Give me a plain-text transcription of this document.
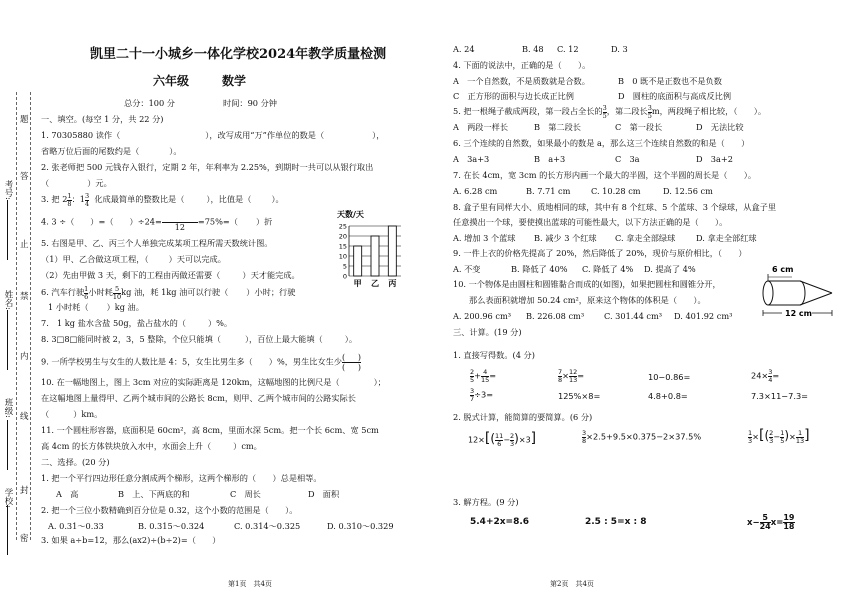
考号:
姓名:
班级:
学校:
题
答
止
禁
内
线
封
密
凯里二十一小城乡一体化学校2024年教学质量检测
六年级	数学
总分：100 分	时间：90 分钟
一、填空。(每空 1 分，共 22 分)
1. 70305880 读作（	），改写成用“万”作单位的数是（	），
省略万位后面的尾数约是（	）。
2. 张老师把 500 元钱存入银行，定期 2 年，年利率为 2.25%，到期时一共可以从银行取出
（	）元。
3. 把 $2 \frac{1}{8}$ ：$1 \frac{3}{4}$ 化成最简单的整数比是（	），比值是（ ）。
4. 3 ÷（ ）=（ ）÷24=

12
=75%=（ ）折
5. 右图是甲、乙、丙三个人单独完成某项工程所需天数统计图。
（1）甲、乙合做这项工程，（ ）天可以完成。
（2）先由甲做 3 天，剩下的工程由丙做还需要（	）天才能完成。
6. 汽车行驶 $\frac{1}{6}$ 小时耗 $\frac{5}{10}$ kg 油，耗 1kg 油可以行驶（ ）小时；行驶
1 小时耗（ ）kg 油。
天数/天
25
20
15
10
5
0
甲 乙 丙
7.　1 kg 盐水含盐 50g，盐占盐水的（	）%。
8. 3□8□能同时被 2，3，5 整除，个位只能填（	），百位上最大能填（	）。
9. 一所学校男生与女生的人数比是 4：5，女生比男生多（ ）%，男生比女生少 $\frac{( )}{( )}$
10. 在一幅地图上，图上 3cm 对应的实际距离是 120km，这幅地图的比例尺是（	）；
在这幅地图上量得甲、乙两个城市间的公路长 8cm，则甲、乙两个城市间的公路实际长
（	）km。
11. 一个圆柱形容器，底面积是 60cm²，高 8cm，里面水深 5cm。把一个长 6cm、宽 5cm
高 4cm 的长方体铁块放入水中，水面会上升（	）cm。
二、选择。(20 分)
1. 把一个平行四边形任意分割成两个梯形，这两个梯形的（　　）总是相等。
A　高	B　上、下两底的和	C　周长	D　面积
2. 把一个三位小数精确到百分位是 0.32，这个小数的范围是（　　）。
A. 0.31～0.33	B. 0.315～0.324	C. 0.314～0.325	D. 0.310～0.329
3. 如果 a÷b=12，那么(ax2)÷(b÷2)=（　　）
第1页　共4页
A. 24	B. 48 C. 12	D. 3
4. 下面的说法中，正确的是（　　）。
A　一个自然数，不是质数就是合数。	B　0 既不是正数也不是负数
C　正方形的面积与边长成正比例	D　圆柱的底面积与高成反比例
5. 把一根绳子截成两段，第一段占全长的 $\frac{3}{5}$ ，第二段长 $\frac{3}{5}$ m，两段绳子相比较，（　　）。
A　两段一样长	B　第二段长	C　第一段长	D　无法比较
6. 三个连续的自然数，如果最小的数是 a，那么这三个连续自然数的和是（　　）
A　3a+3	B　a+3	C　3a	D　3a+2
7. 在长 4cm，宽 3cm 的长方形内画一个最大的半圆，这个半圆的周长是（　　）。
A. 6.28 cm	B. 7.71 cm	C. 10.28 cm	D. 12.56 cm
8. 盒子里有同样大小、质地相同的球，其中有 8 个红球、5 个蓝球、3 个绿球，从盒子里
任意摸出一个球，要使摸出蓝球的可能性最大，以下方法正确的是（　　）。
A. 增加 3 个蓝球 B. 减少 3 个红球 C. 拿走全部绿球	D. 拿走全部红球
9. 一件上衣的价格先提高了 20%，然后降低了 20%，现价与原价相比，（　　）
A. 不变	B. 降低了 40% C. 降低了 4% D. 提高了 4%
10. 一个物体是由圆柱和圆锥黏合而成的(如图)，如果把圆柱和圆锥分开，
那么表面积就增加 50.24 cm²，原来这个物体的体积是（　　）。
A. 200.96 cm³ B. 226.08 cm³ C. 301.44 cm³ D. 401.92 cm³
6 cm
12 cm
三、计算。(19 分)
1. 直接写得数。(4 分)
$\frac{2}{5} + \frac{4}{15}$ =	$\frac{7}{8} \times \frac{12}{13}$ =	10−0.86=	$24\times \frac{3}{4}$ =
$\frac{3}{7} \div 3=$	125%×8=	4.8+0.8=	7.3×11−7.3=
2. 脱式计算，能简算的要简算。(6 分)
$12\times[( \frac{11}{6} - \frac{2}{3} )\times 3]$	$\frac{3}{8} \times 2.5+9.5\times 0.375-2\times 37.5\%$	$\frac{1}{3}$ ×[( $\frac{2}{3} - \frac{1}{5}$ )× $\frac{1}{13}$ ]
3. 解方程。(9 分)
5.4+2x=8.6	2.5 : 5=x : 8	$x- \frac{5}{24} x= \frac{19}{18}$
第2页　共4页
